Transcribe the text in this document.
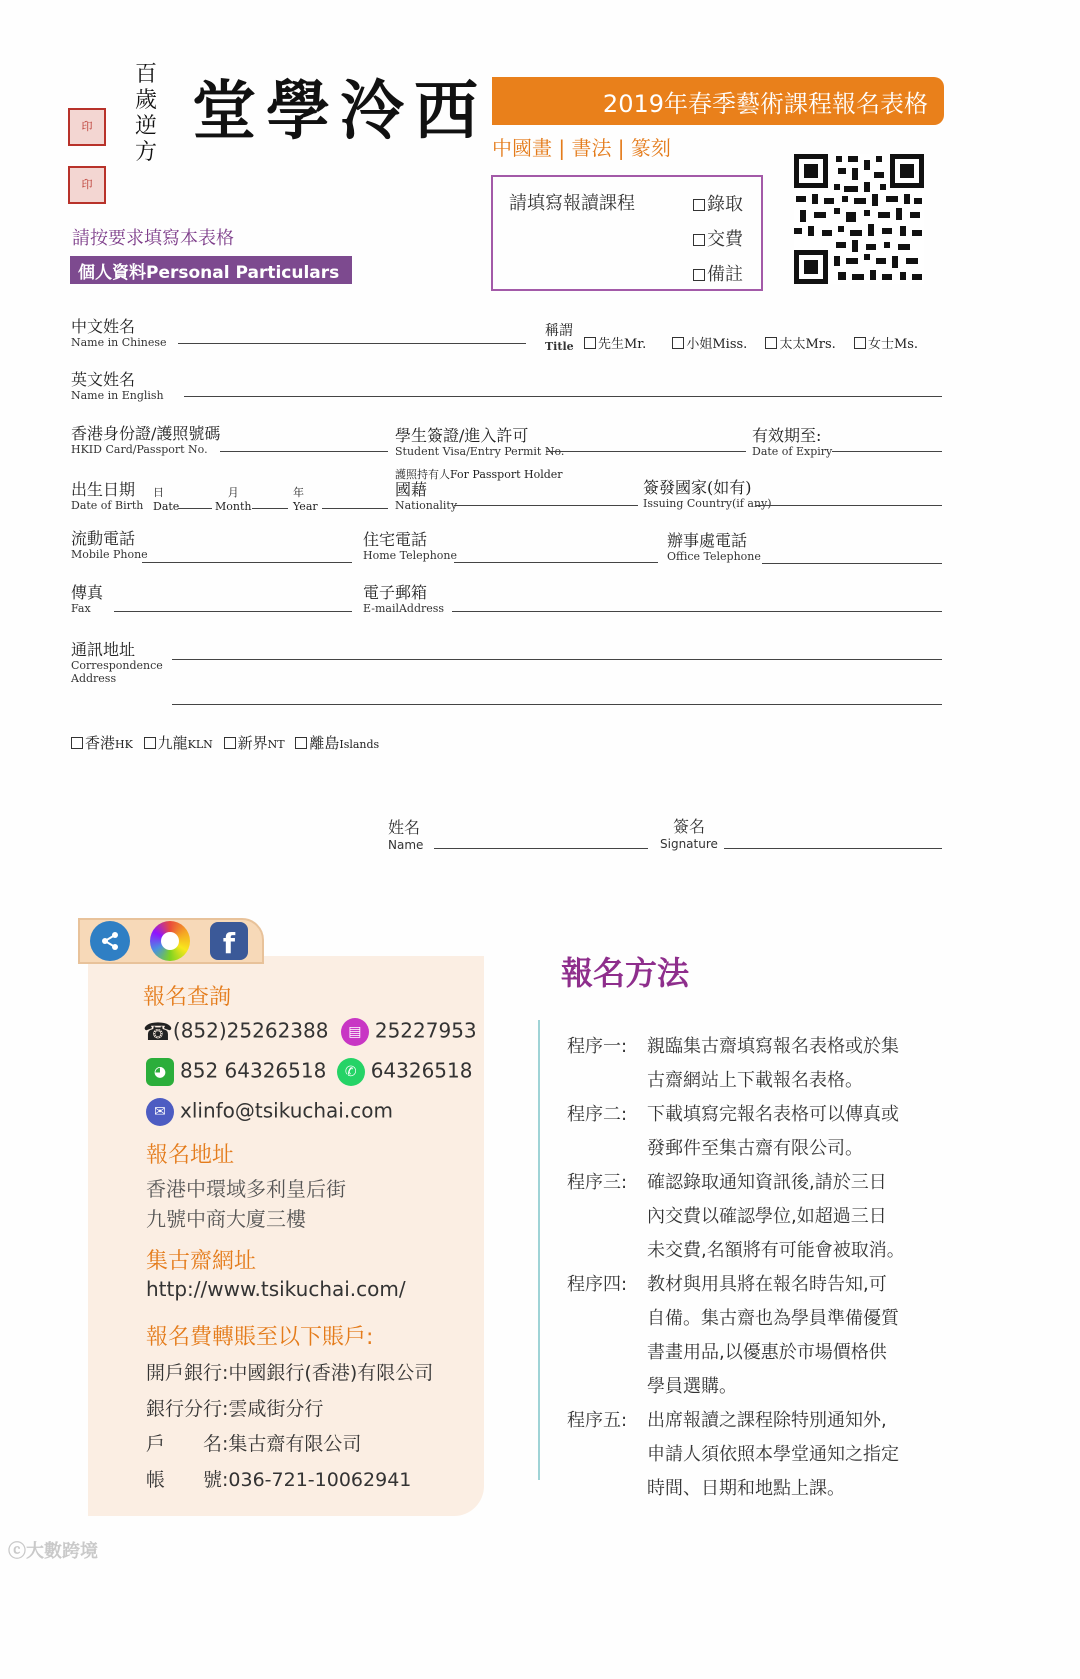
印
印
百歲逆方
西泠學堂	2019年春季藝術課程報名表格
中國畫 | 書法 | 篆刻
請填寫報讀課程	錄取
交費
備註
請按要求填寫本表格
個人資料Personal Particulars
中文姓名
Name in Chinese
稱謂
Title	先生Mr.	小姐Miss. 太太Mrs. 女士Ms.
英文姓名
Name in English
香港身份證/護照號碼
HKID Card/Passport No.
學生簽證/進入許可
Student Visa/Entry Permit No.
有效期至:
Date of Expiry
出生日期
Date of Birth
日
Date
月
Month
年
Year
護照持有人For Passport Holder
國藉
Nationality
簽發國家(如有)
Issuing Country(if any)
流動電話
Mobile Phone
住宅電話
Home Telephone
辦事處電話
Office Telephone
傳真
Fax
電子郵箱
E-mailAddress
通訊地址
Correspondence
Address
香港HK 九龍KLN 新界NT 離島Islands
姓名
Name
簽名
Signature
f
報名查詢
☎(852)25262388 ▤ 25227953
◕ 852 64326518 ✆ 64326518
✉ xlinfo@tsikuchai.com
報名地址
香港中環域多利皇后街
九號中商大廈三樓
集古齋網址
http://www.tsikuchai.com/
報名費轉賬至以下賬戶:
開戶銀行:中國銀行(香港)有限公司
銀行分行:雲咸街分行
戶　　名:集古齋有限公司
帳　　號:036-721-10062941
報名方法
程序一: 親臨集古齋填寫報名表格或於集
古齋網站上下載報名表格。
程序二: 下載填寫完報名表格可以傳真或
發郵件至集古齋有限公司。
程序三: 確認錄取通知資訊後,請於三日
內交費以確認學位,如超過三日
未交費,名額將有可能會被取消。
程序四: 教材與用具將在報名時告知,可
自備。集古齋也為學員準備優質
書畫用品,以優惠於市場價格供
學員選購。
程序五: 出席報讀之課程除特別通知外,
申請人須依照本學堂通知之指定
時間、日期和地點上課。
ⓒ大數跨境
